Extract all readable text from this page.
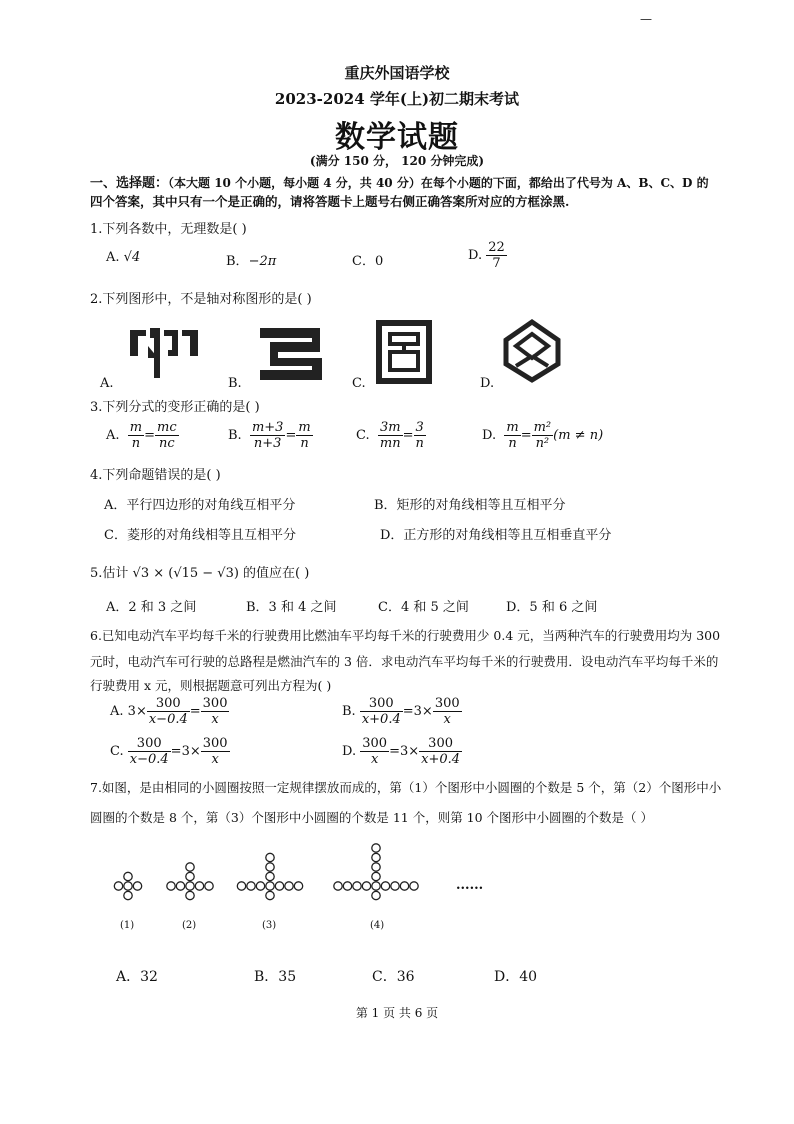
—
重庆外国语学校
2023-2024 学年(上)初二期末考试
数学试题
(满分 150 分， 120 分钟完成)
一、选择题：（本大题 10 个小题，每小题 4 分，共 40 分）在每个小题的下面，都给出了代号为 A、B、C、D 的
四个答案，其中只有一个是正确的，请将答题卡上题号右侧正确答案所对应的方框涂黑.
1.下列各数中，无理数是( )
A. √4	B．−2π	C．0	D. $\frac{22}{7}$
2.下列图形中，不是轴对称图形的是( )
A.	B.	C.	D.
3.下列分式的变形正确的是( )
A. $\frac{m}{n} = \frac{mc}{nc}$	B. $\frac{m+3}{n+3} = \frac{m}{n}$	C. $\frac{3m}{mn} = \frac{3}{n}$	D. $\frac{m}{n} = \frac{\text{m²}}{\text{n²}} (m \ne n)$
4.下列命题错误的是( )
A．平行四边形的对角线互相平分	B．矩形的对角线相等且互相平分
C．菱形的对角线相等且互相平分	D．正方形的对角线相等且互相垂直平分
5.估计 √3 × (√15 − √3) 的值应在( )
A．2 和 3 之间	B．3 和 4 之间	C．4 和 5 之间	D．5 和 6 之间
6.已知电动汽车平均每千米的行驶费用比燃油车平均每千米的行驶费用少 0.4 元，当两种汽车的行驶费用均为 300
元时，电动汽车可行驶的总路程是燃油汽车的 3 倍．求电动汽车平均每千米的行驶费用．设电动汽车平均每千米的
行驶费用 x 元，则根据题意可列出方程为( )
A. $3\times \frac{300}{x-0.4} = \frac{300}{x}$	B. $\frac{300}{x+0.4} =3\times \frac{300}{x}$
C. $\frac{300}{x-0.4} =3\times \frac{300}{x}$	D. $\frac{300}{x} =3\times \frac{300}{x+0.4}$
7.如图，是由相同的小圆圈按照一定规律摆放而成的，第（1）个图形中小圆圈的个数是 5 个，第（2）个图形中小
圆圈的个数是 8 个，第（3）个图形中小圆圈的个数是 11 个，则第 10 个图形中小圆圈的个数是（ ）
(1)	(2)	(3)	(4)
......
A．32	B．35	C．36	D．40
第 1 页 共 6 页
